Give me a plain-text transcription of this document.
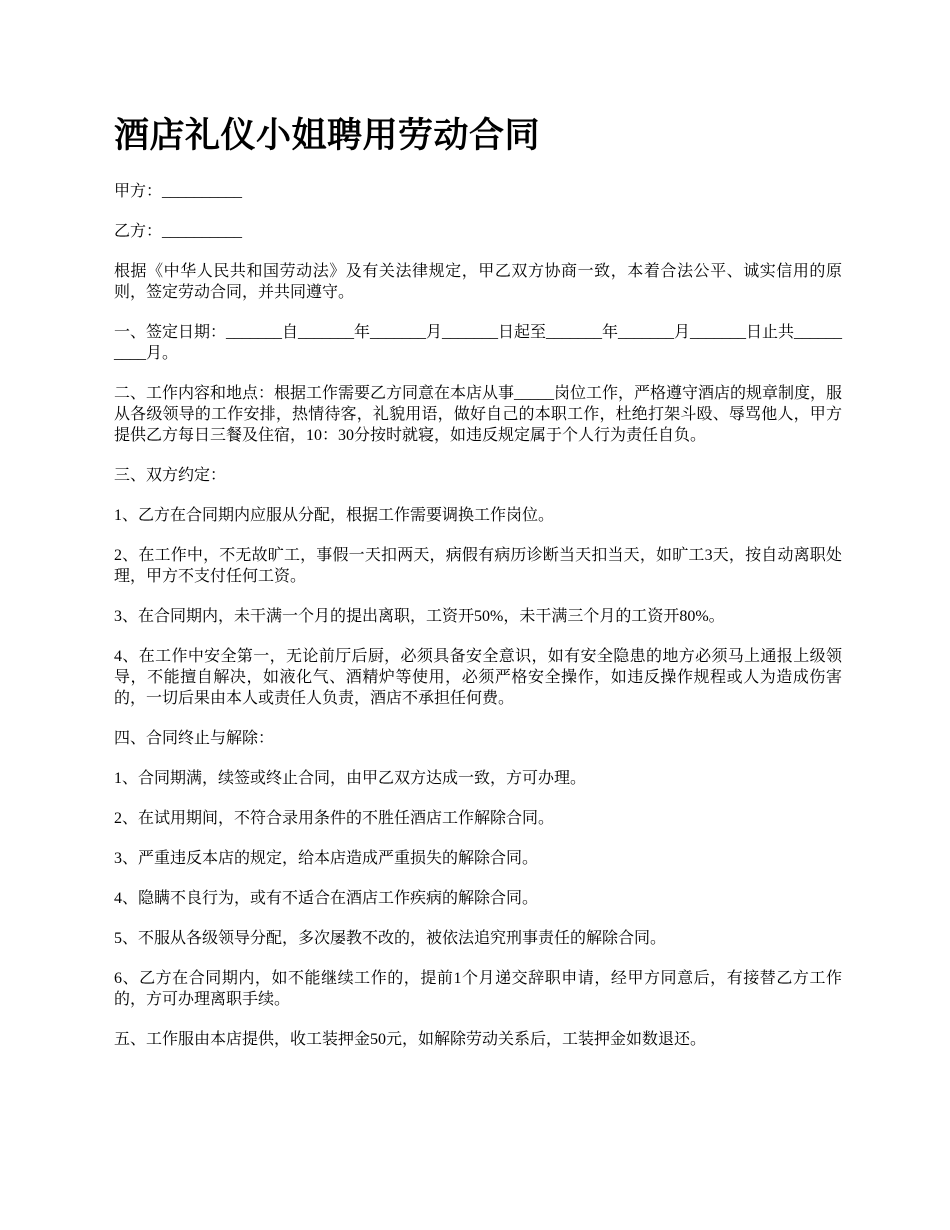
酒店礼仪小姐聘用劳动合同

甲方：__________

乙方：__________

根据《中华人民共和国劳动法》及有关法律规定，甲乙双方协商一致，本着合法公平、诚实信用的原则，签定劳动合同，并共同遵守。

一、签定日期：_______自_______年_______月_______日起至_______年_______月_______日止共__________月。

二、工作内容和地点：根据工作需要乙方同意在本店从事_____岗位工作，严格遵守酒店的规章制度，服从各级领导的工作安排，热情待客，礼貌用语，做好自己的本职工作，杜绝打架斗殴、辱骂他人，甲方提供乙方每日三餐及住宿，10：30分按时就寝，如违反规定属于个人行为责任自负。

三、双方约定：

1、乙方在合同期内应服从分配，根据工作需要调换工作岗位。

2、在工作中，不无故旷工，事假一天扣两天，病假有病历诊断当天扣当天，如旷工3天，按自动离职处理，甲方不支付任何工资。

3、在合同期内，未干满一个月的提出离职，工资开50%，未干满三个月的工资开80%。

4、在工作中安全第一，无论前厅后厨，必须具备安全意识，如有安全隐患的地方必须马上通报上级领导，不能擅自解决，如液化气、酒精炉等使用，必须严格安全操作，如违反操作规程或人为造成伤害的，一切后果由本人或责任人负责，酒店不承担任何费。

四、合同终止与解除：

1、合同期满，续签或终止合同，由甲乙双方达成一致，方可办理。

2、在试用期间，不符合录用条件的不胜任酒店工作解除合同。

3、严重违反本店的规定，给本店造成严重损失的解除合同。

4、隐瞒不良行为，或有不适合在酒店工作疾病的解除合同。

5、不服从各级领导分配，多次屡教不改的，被依法追究刑事责任的解除合同。

6、乙方在合同期内，如不能继续工作的，提前1个月递交辞职申请，经甲方同意后，有接替乙方工作的，方可办理离职手续。

五、工作服由本店提供，收工装押金50元，如解除劳动关系后，工装押金如数退还。
